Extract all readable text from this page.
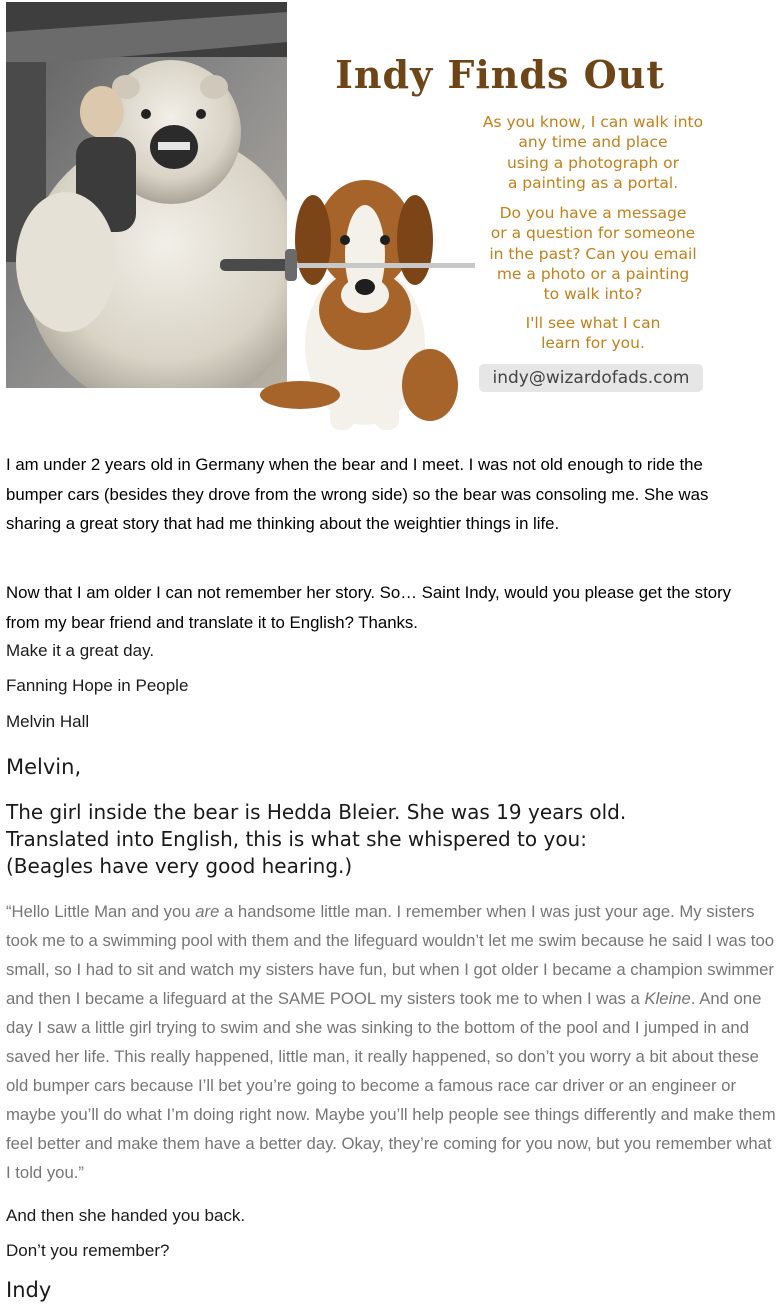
Indy Finds Out

As you know, I can walk into
any time and place
using a photograph or
a painting as a portal.

Do you have a message
or a question for someone
in the past? Can you email
me a photo or a painting
to walk into?

I'll see what I can
learn for you.

indy@wizardofads.com

I am under 2 years old in Germany when the bear and I meet. I was not old enough to ride the bumper cars (besides they drove from the wrong side) so the bear was consoling me. She was sharing a great story that had me thinking about the weightier things in life.

Now that I am older I can not remember her story. So… Saint Indy, would you please get the story from my bear friend and translate it to English? Thanks.

Make it a great day.

Fanning Hope in People

Melvin Hall

Melvin,

The girl inside the bear is Hedda Bleier. She was 19 years old.
Translated into English, this is what she whispered to you:
(Beagles have very good hearing.)

“Hello Little Man and you are a handsome little man. I remember when I was just your age. My sisters took me to a swimming pool with them and the lifeguard wouldn’t let me swim because he said I was too small, so I had to sit and watch my sisters have fun, but when I got older I became a champion swimmer and then I became a lifeguard at the SAME POOL my sisters took me to when I was a Kleine. And one day I saw a little girl trying to swim and she was sinking to the bottom of the pool and I jumped in and saved her life. This really happened, little man, it really happened, so don’t you worry a bit about these old bumper cars because I’ll bet you’re going to become a famous race car driver or an engineer or maybe you’ll do what I’m doing right now. Maybe you’ll help people see things differently and make them feel better and make them have a better day. Okay, they’re coming for you now, but you remember what I told you.”

And then she handed you back.

Don’t you remember?

Indy
